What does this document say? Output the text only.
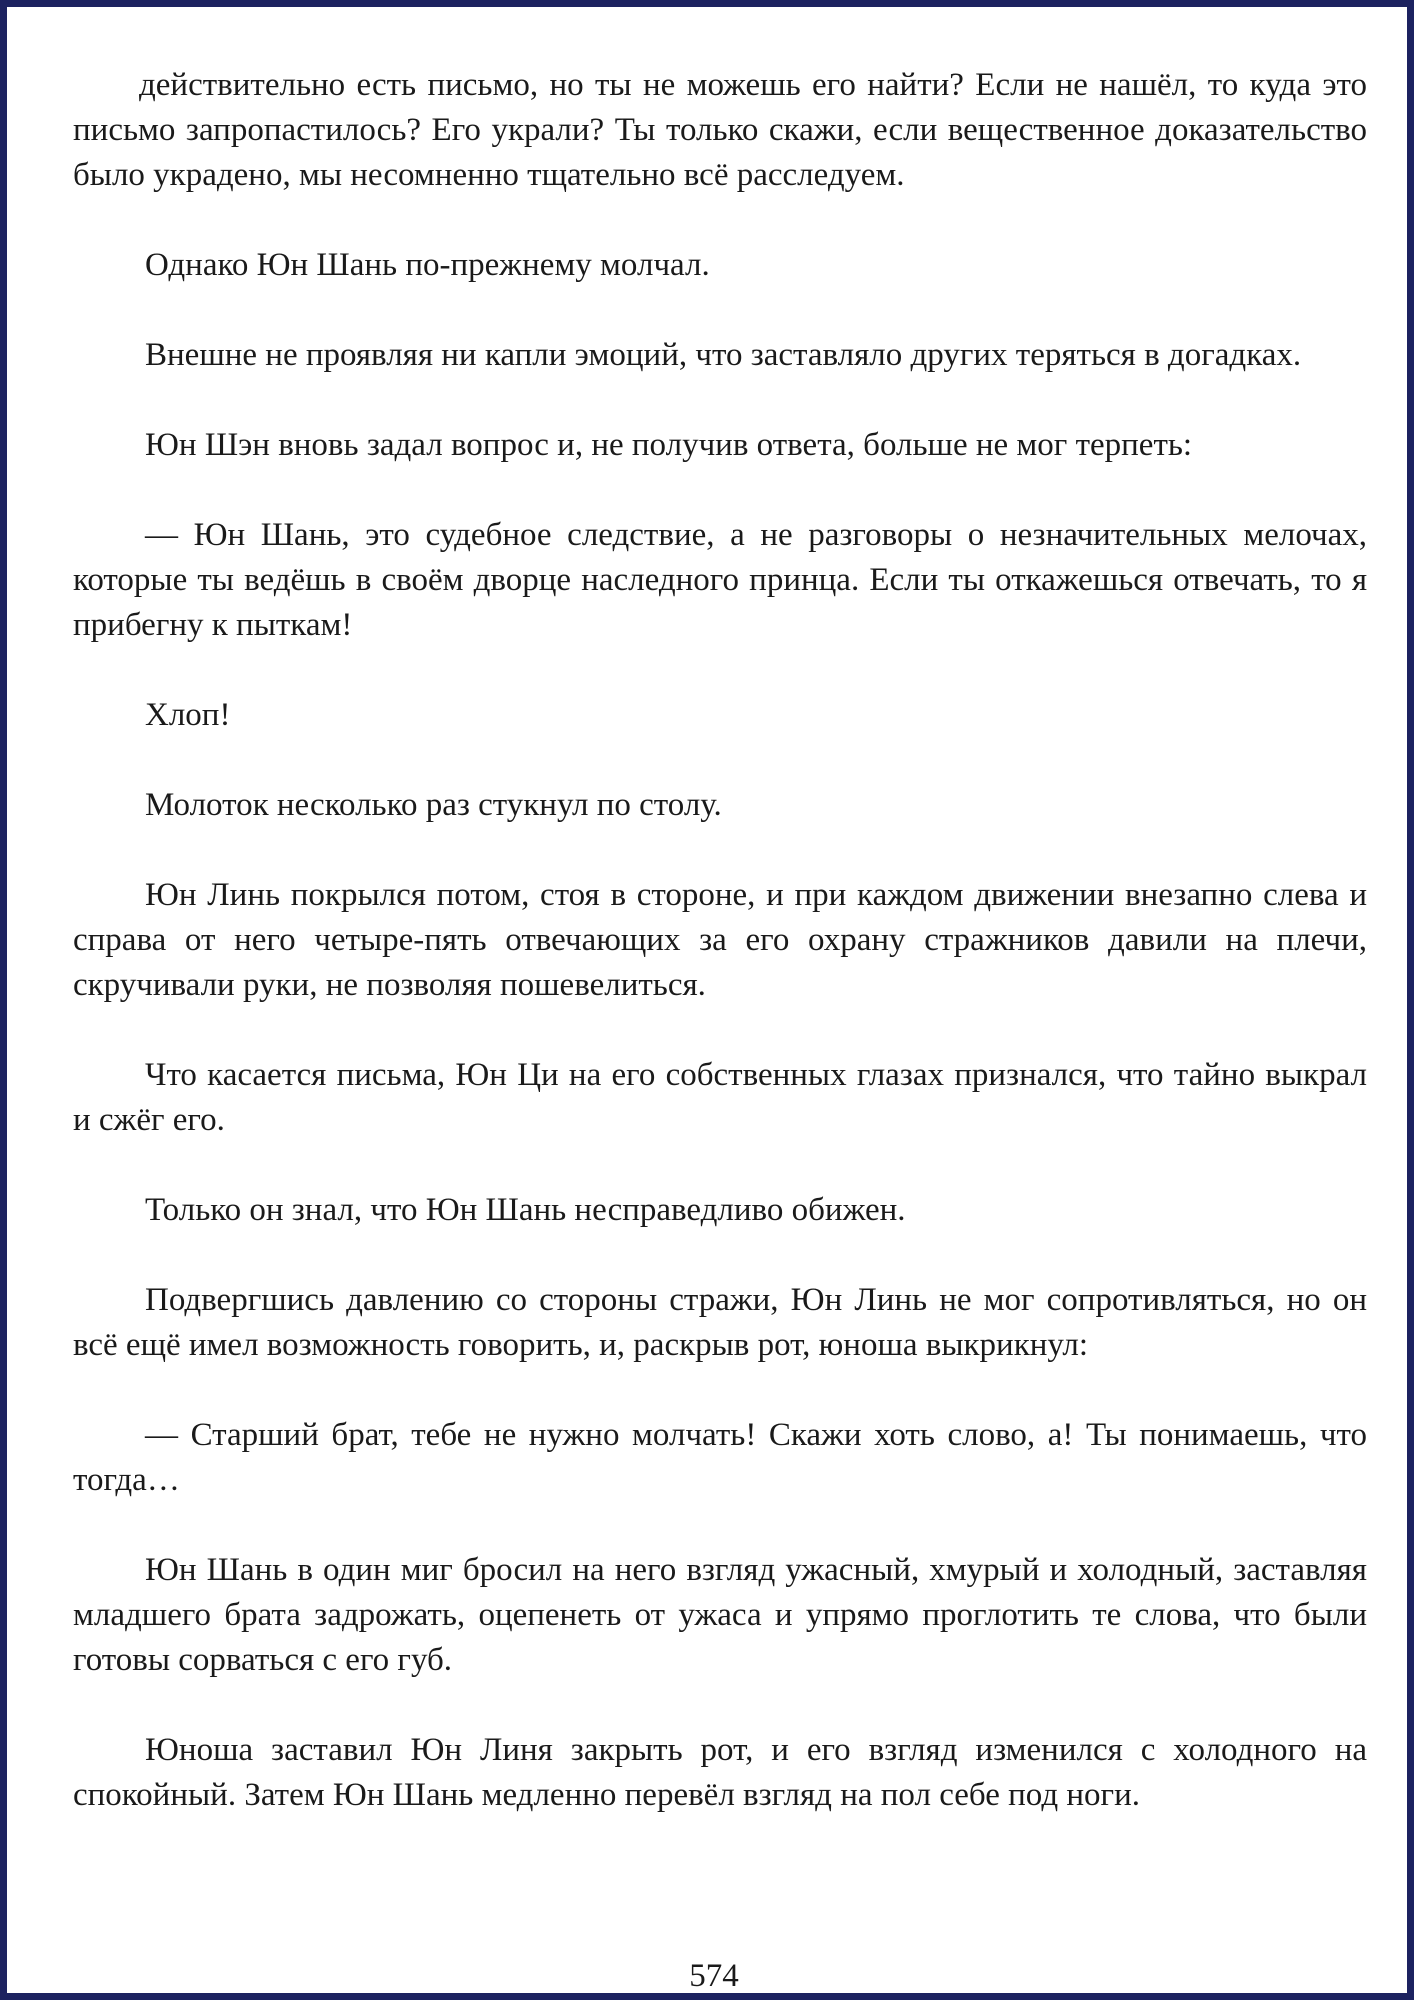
действительно есть письмо, но ты не можешь его найти? Если не нашёл, то куда это письмо запропастилось? Его украли? Ты только скажи, если вещественное доказательство было украдено, мы несомненно тщательно всё расследуем.

Однако Юн Шань по-прежнему молчал.

Внешне не проявляя ни капли эмоций, что заставляло других теряться в догадках.

Юн Шэн вновь задал вопрос и, не получив ответа, больше не мог терпеть:

— Юн Шань, это судебное следствие, а не разговоры о незначительных мелочах, которые ты ведёшь в своём дворце наследного принца. Если ты откажешься отвечать, то я прибегну к пыткам!

Хлоп!

Молоток несколько раз стукнул по столу.

Юн Линь покрылся потом, стоя в стороне, и при каждом движении внезапно слева и справа от него четыре-пять отвечающих за его охрану стражников давили на плечи, скручивали руки, не позволяя пошевелиться.

Что касается письма, Юн Ци на его собственных глазах признался, что тайно выкрал и сжёг его.

Только он знал, что Юн Шань несправедливо обижен.

Подвергшись давлению со стороны стражи, Юн Линь не мог сопротивляться, но он всё ещё имел возможность говорить, и, раскрыв рот, юноша выкрикнул:

— Старший брат, тебе не нужно молчать! Скажи хоть слово, а! Ты понимаешь, что тогда…

Юн Шань в один миг бросил на него взгляд ужасный, хмурый и холодный, заставляя младшего брата задрожать, оцепенеть от ужаса и упрямо проглотить те слова, что были готовы сорваться с его губ.

Юноша заставил Юн Линя закрыть рот, и его взгляд изменился с холодного на спокойный. Затем Юн Шань медленно перевёл взгляд на пол себе под ноги.

574
